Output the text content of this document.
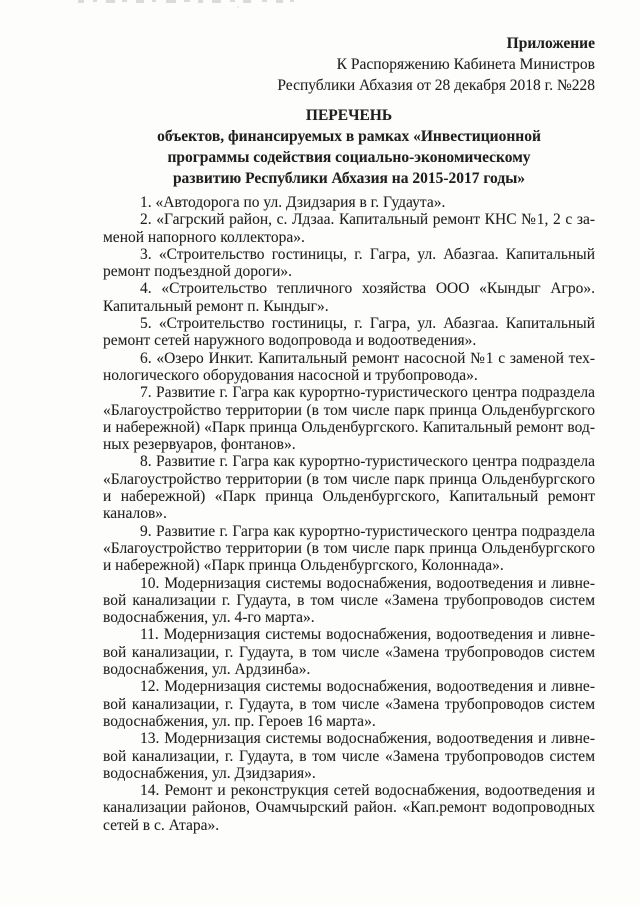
Приложение
К Распоряжению Кабинета Министров
Республики Абхазия от 28 декабря 2018 г. №228
ПЕРЕЧЕНЬ
объектов, финансируемых в рамках «Инвестиционной
программы содействия социально-экономическому
развитию Республики Абхазия на 2015-2017 годы»

1. «Автодорога по ул. Дзидзария в г. Гудаута».

2. «Гагрский район, с. Лдзаа. Капитальный ремонт КНС №1, 2 с заменой напорного коллектора».

3. «Строительство гостиницы, г. Гагра, ул. Абазгаа. Капитальный ремонт подъездной дороги».

4. «Строительство тепличного хозяйства ООО «Кындыг Агро». Капитальный ремонт п. Кындыг».

5. «Строительство гостиницы, г. Гагра, ул. Абазгаа. Капитальный ремонт сетей наружного водопровода и водоотведения».

6. «Озеро Инкит. Капитальный ремонт насосной №1 с заменой технологического оборудования насосной и трубопровода».

7. Развитие г. Гагра как курортно-туристического центра подраздела «Благоустройство территории (в том числе парк принца Ольденбургского и набережной) «Парк принца Ольденбургского. Капитальный ремонт водных резервуаров, фонтанов».

8. Развитие г. Гагра как курортно-туристического центра подраздела «Благоустройство территории (в том числе парк принца Ольденбургского и набережной) «Парк принца Ольденбургского, Капитальный ремонт каналов».

9. Развитие г. Гагра как курортно-туристического центра подраздела «Благоустройство территории (в том числе парк принца Ольденбургского и набережной) «Парк принца Ольденбургского, Колоннада».

10. Модернизация системы водоснабжения, водоотведения и ливневой канализации г. Гудаута, в том числе «Замена трубопроводов систем водоснабжения, ул. 4-го марта».

11. Модернизация системы водоснабжения, водоотведения и ливневой канализации, г. Гудаута, в том числе «Замена трубопроводов систем водоснабжения, ул. Ардзинба».

12. Модернизация системы водоснабжения, водоотведения и ливневой канализации, г. Гудаута, в том числе «Замена трубопроводов систем водоснабжения, ул. пр. Героев 16 марта».

13. Модернизация системы водоснабжения, водоотведения и ливневой канализации, г. Гудаута, в том числе «Замена трубопроводов систем водоснабжения, ул. Дзидзария».

14. Ремонт и реконструкция сетей водоснабжения, водоотведения и канализации районов, Очамчырский район. «Кап.ремонт водопроводных сетей в с. Атара».
